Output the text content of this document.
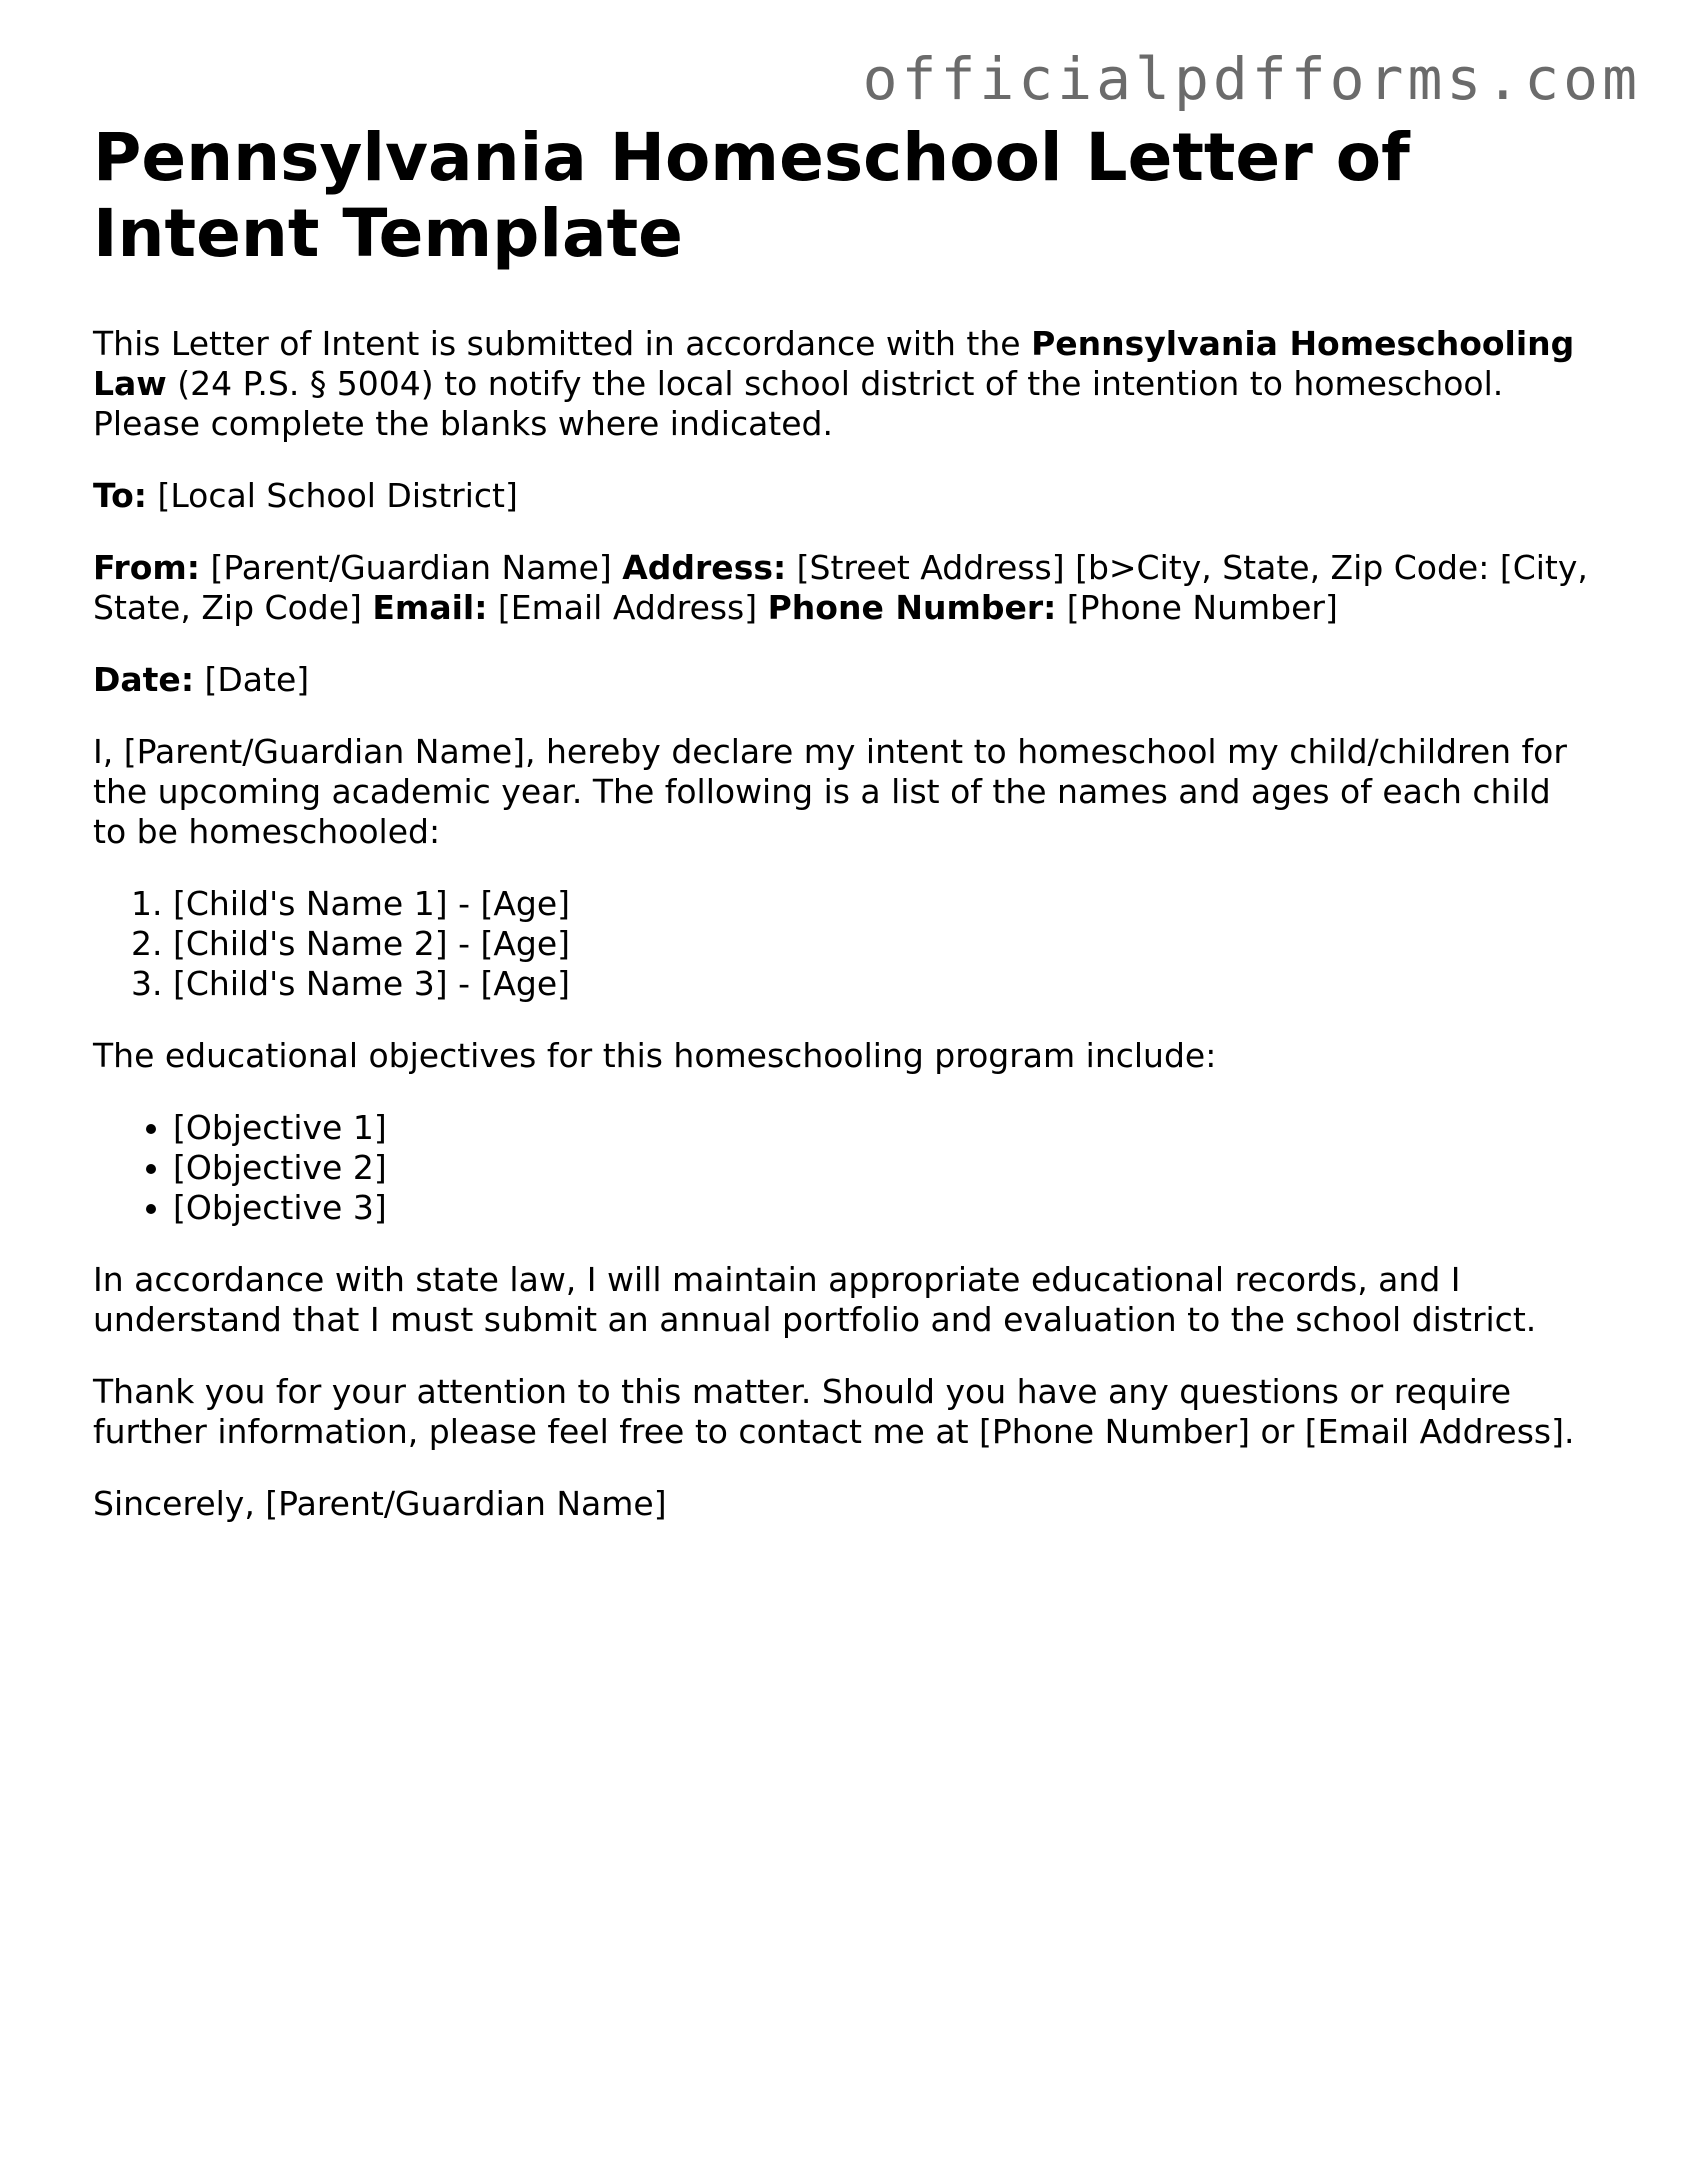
officialpdfforms.com
Pennsylvania Homeschool Letter of Intent Template

This Letter of Intent is submitted in accordance with the Pennsylvania Homeschooling Law (24 P.S. § 5004) to notify the local school district of the intention to homeschool. Please complete the blanks where indicated.

To: [Local School District]

From: [Parent/Guardian Name] Address: [Street Address] [b>City, State, Zip Code: [City, State, Zip Code] Email: [Email Address] Phone Number: [Phone Number]

Date: [Date]

I, [Parent/Guardian Name], hereby declare my intent to homeschool my child/children for the upcoming academic year. The following is a list of the names and ages of each child to be homeschooled:

1. [Child's Name 1] - [Age]
2. [Child's Name 2] - [Age]
3. [Child's Name 3] - [Age]

The educational objectives for this homeschooling program include:

• [Objective 1]
• [Objective 2]
• [Objective 3]

In accordance with state law, I will maintain appropriate educational records, and I understand that I must submit an annual portfolio and evaluation to the school district.

Thank you for your attention to this matter. Should you have any questions or require further information, please feel free to contact me at [Phone Number] or [Email Address].

Sincerely, [Parent/Guardian Name]
